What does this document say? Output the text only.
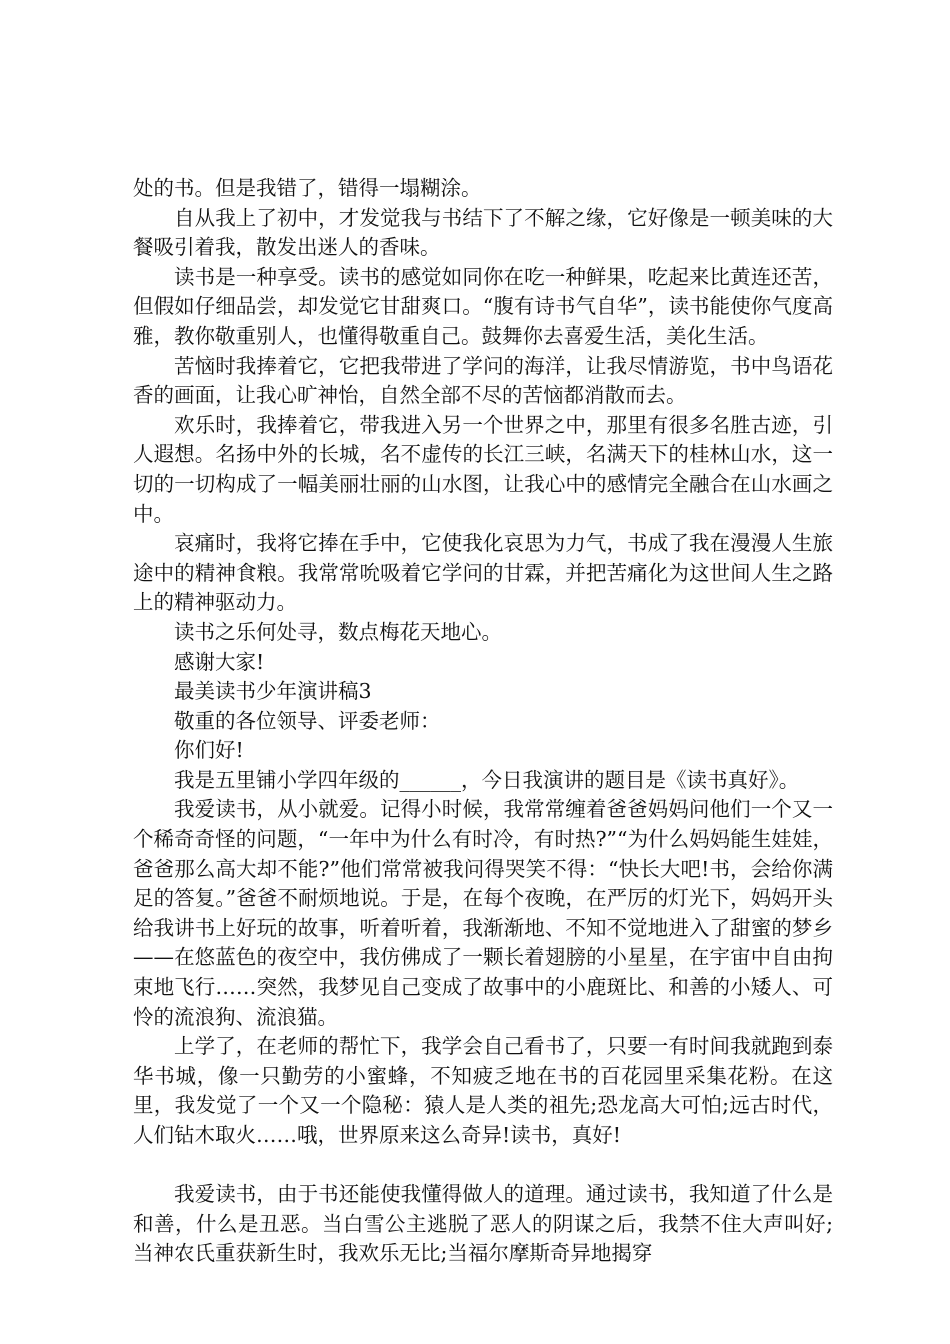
处的书。但是我错了，错得一塌糊涂。

自从我上了初中，才发觉我与书结下了不解之缘，它好像是一顿美味的大餐吸引着我，散发出迷人的香味。

读书是一种享受。读书的感觉如同你在吃一种鲜果，吃起来比黄连还苦，但假如仔细品尝，却发觉它甘甜爽口。“腹有诗书气自华”，读书能使你气度高雅，教你敬重别人，也懂得敬重自己。鼓舞你去喜爱生活，美化生活。

苦恼时我捧着它，它把我带进了学问的海洋，让我尽情游览，书中鸟语花香的画面，让我心旷神怡，自然全部不尽的苦恼都消散而去。

欢乐时，我捧着它，带我进入另一个世界之中，那里有很多名胜古迹，引人遐想。名扬中外的长城，名不虚传的长江三峡，名满天下的桂林山水，这一切的一切构成了一幅美丽壮丽的山水图，让我心中的感情完全融合在山水画之中。

哀痛时，我将它捧在手中，它使我化哀思为力气，书成了我在漫漫人生旅途中的精神食粮。我常常吮吸着它学问的甘霖，并把苦痛化为这世间人生之路上的精神驱动力。

读书之乐何处寻，数点梅花天地心。

感谢大家!

最美读书少年演讲稿3

敬重的各位领导、评委老师：

你们好!

我是五里铺小学四年级的______，今日我演讲的题目是《读书真好》。

我爱读书，从小就爱。记得小时候，我常常缠着爸爸妈妈问他们一个又一个稀奇奇怪的问题，“一年中为什么有时冷，有时热?”“为什么妈妈能生娃娃，爸爸那么高大却不能?”他们常常被我问得哭笑不得：“快长大吧!书，会给你满足的答复。”爸爸不耐烦地说。于是，在每个夜晚，在严厉的灯光下，妈妈开头给我讲书上好玩的故事，听着听着，我渐渐地、不知不觉地进入了甜蜜的梦乡——在悠蓝色的夜空中，我仿佛成了一颗长着翅膀的小星星，在宇宙中自由拘束地飞行……突然，我梦见自己变成了故事中的小鹿斑比、和善的小矮人、可怜的流浪狗、流浪猫。

上学了，在老师的帮忙下，我学会自己看书了，只要一有时间我就跑到泰华书城，像一只勤劳的小蜜蜂，不知疲乏地在书的百花园里采集花粉。在这里，我发觉了一个又一个隐秘：猿人是人类的祖先;恐龙高大可怕;远古时代，人们钻木取火……哦，世界原来这么奇异!读书，真好!

我爱读书，由于书还能使我懂得做人的道理。通过读书，我知道了什么是和善，什么是丑恶。当白雪公主逃脱了恶人的阴谋之后，我禁不住大声叫好;当神农氏重获新生时，我欢乐无比;当福尔摩斯奇异地揭穿
